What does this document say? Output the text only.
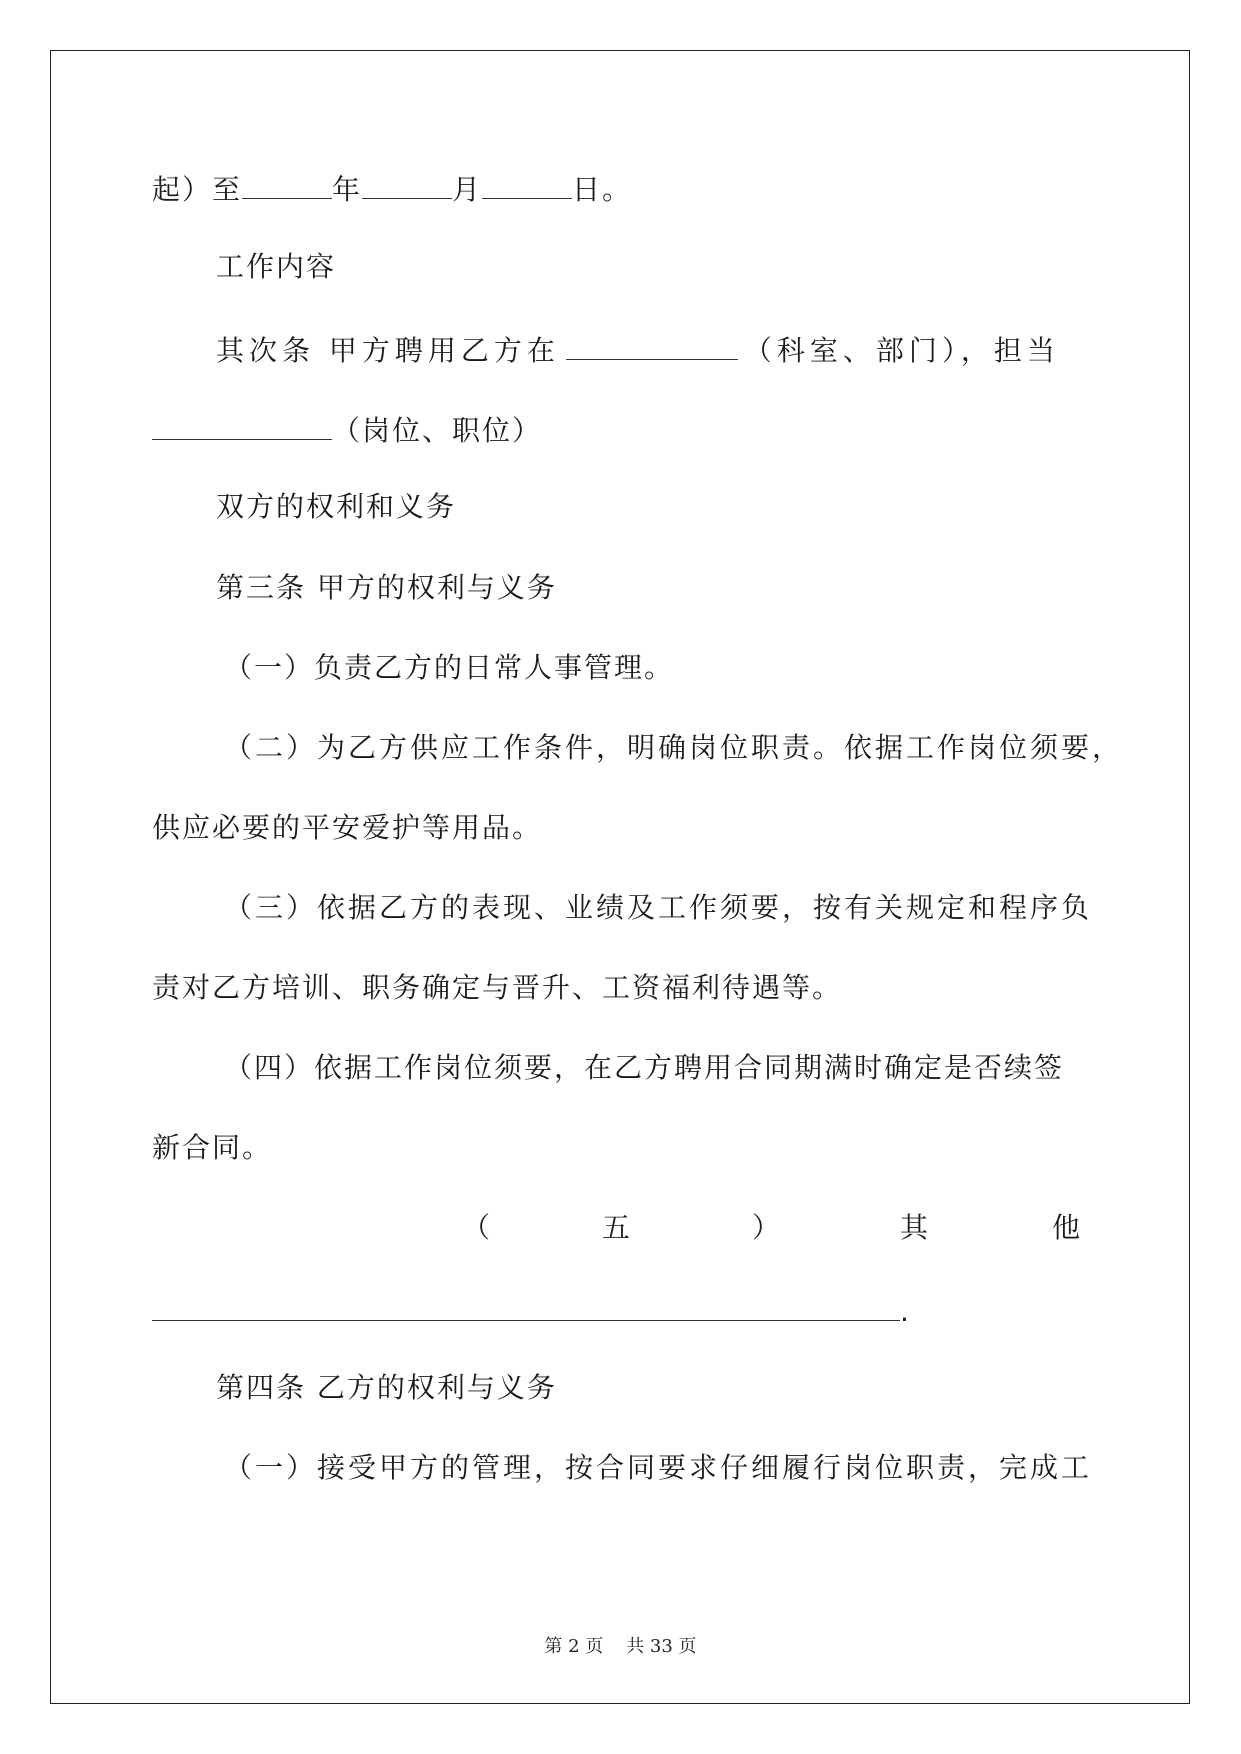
起）至	年	月	日。
工作内容
其次条 甲方聘用乙方在	（科室、部门），担当
（岗位、职位）
双方的权利和义务
第三条 甲方的权利与义务
（一）负责乙方的日常人事管理。
（二）为乙方供应工作条件，明确岗位职责。依据工作岗位须要，
供应必要的平安爱护等用品。
（三）依据乙方的表现、业绩及工作须要，按有关规定和程序负
责对乙方培训、职务确定与晋升、工资福利待遇等。
（四）依据工作岗位须要，在乙方聘用合同期满时确定是否续签
新合同。
（	五	）	其	他
.
第四条 乙方的权利与义务
（一）接受甲方的管理，按合同要求仔细履行岗位职责，完成工
第 2 页    共 33 页
